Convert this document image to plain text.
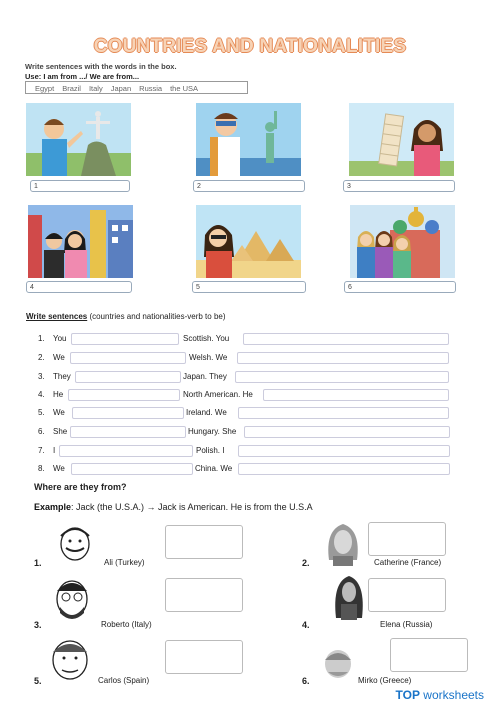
COUNTRIES AND NATIONALITIES
Write sentences with the words in the box.
Use: I am from .../ We are from...
Egypt Brazil Italy Japan Russia the USA
1	2	3
4	5	6
Write sentences (countries and nationalities-verb to be)
1. You	Scottish. You
2. We	Welsh. We
3. They	Japan. They
4. He	North American. He
5. We	Ireland. We
6. She	Hungary. She
7. I	Polish. I
8. We	China. We
Where are they from?
Example: Jack (the U.S.A.) → Jack is American. He is from the U.S.A
1.	Ali (Turkey)	2.	Catherine (France)
3.	Roberto (Italy)	4.	Elena (Russia)
5.	Carlos (Spain)	6.	Mirko (Greece)
TOP worksheets
